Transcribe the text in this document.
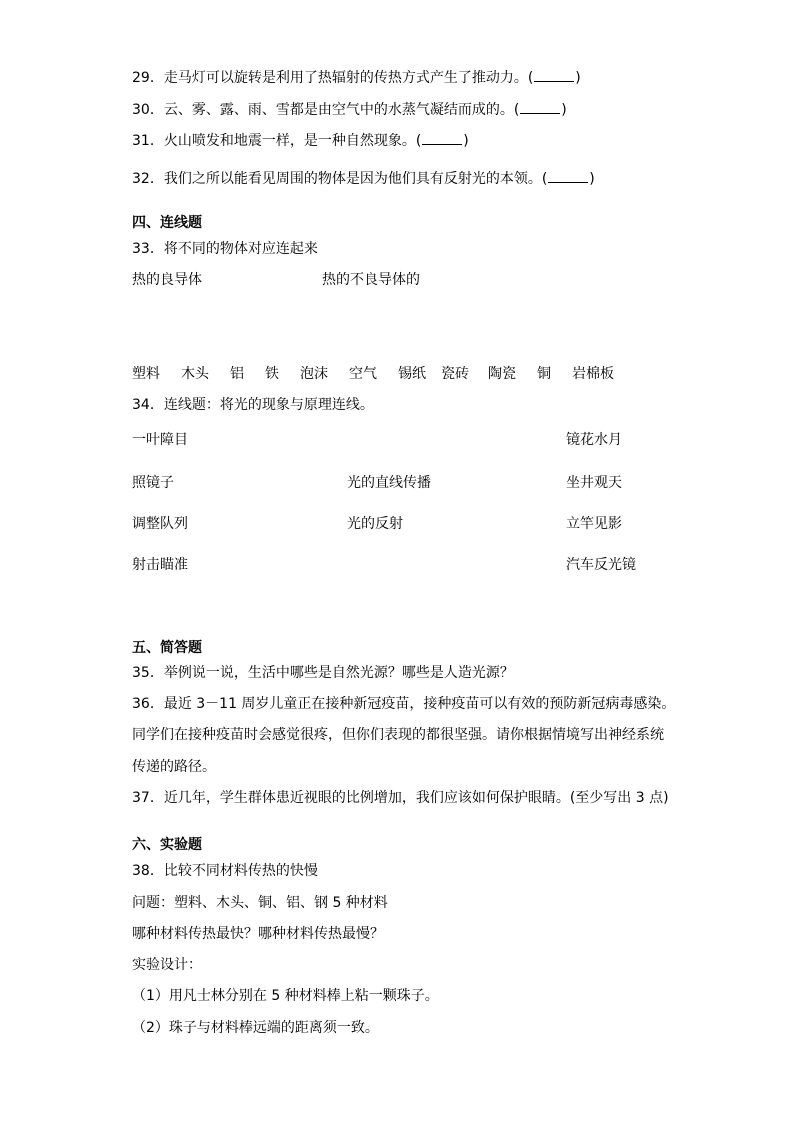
29．走马灯可以旋转是利用了热辐射的传热方式产生了推动力。(	)
30．云、雾、露、雨、雪都是由空气中的水蒸气凝结而成的。(	)
31．火山喷发和地震一样，是一种自然现象。(	)
32．我们之所以能看见周围的物体是因为他们具有反射光的本领。(	)
四、连线题
33．将不同的物体对应连起来
热的良导体	热的不良导体的
塑料 木头 铝 铁 泡沫 空气 锡纸 瓷砖 陶瓷 铜 岩棉板
34．连线题：将光的现象与原理连线。
一叶障目
照镜子
调整队列
射击瞄准
光的直线传播
光的反射
镜花水月
坐井观天
立竿见影
汽车反光镜
五、简答题
35．举例说一说，生活中哪些是自然光源？哪些是人造光源？
36．最近 3－11 周岁儿童正在接种新冠疫苗，接种疫苗可以有效的预防新冠病毒感染。
同学们在接种疫苗时会感觉很疼，但你们表现的都很坚强。请你根据情境写出神经系统
传递的路径。
37．近几年，学生群体患近视眼的比例增加，我们应该如何保护眼睛。(至少写出 3 点)
六、实验题
38．比较不同材料传热的快慢
问题：塑料、木头、铜、铝、钢 5 种材料
哪种材料传热最快？哪种材料传热最慢？
实验设计：
（1）用凡士林分别在 5 种材料棒上粘一颗珠子。
（2）珠子与材料棒远端的距离须一致。
